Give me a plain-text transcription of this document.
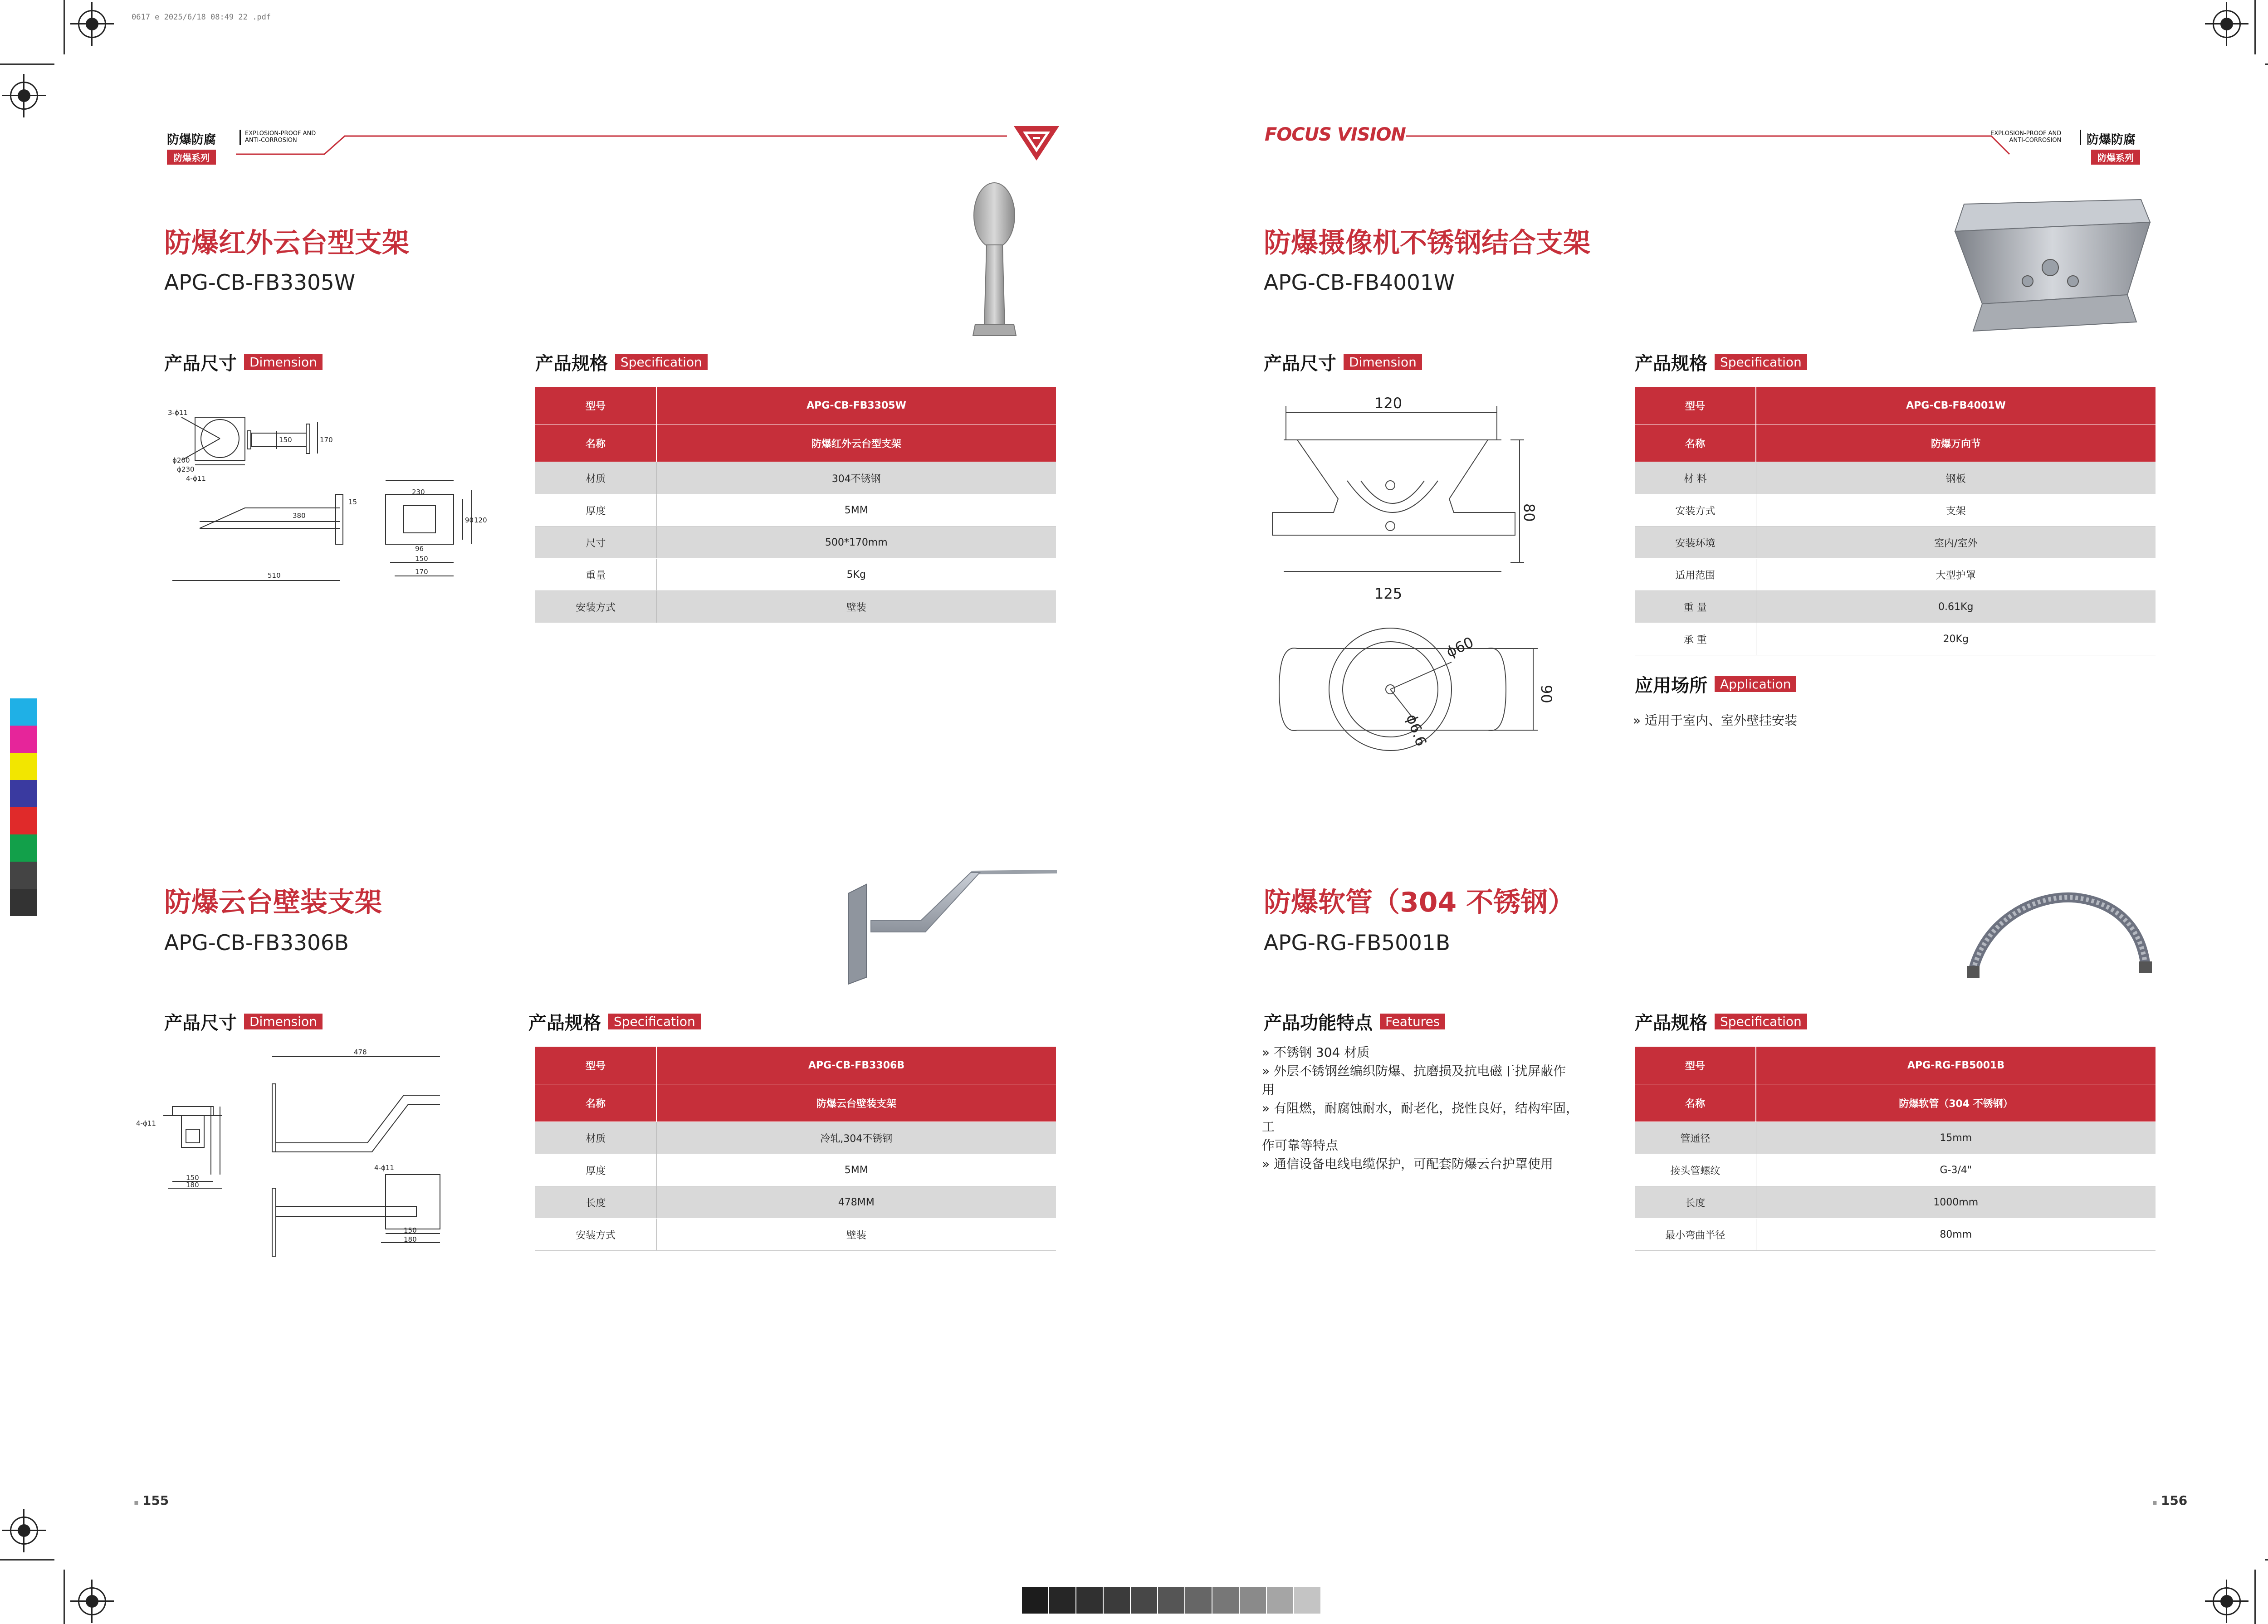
0617 e 2025/6/18 08:49 22 .pdf
防爆防腐	EXPLOSION-PROOF AND
ANTI-CORROSION
防爆系列
FOCUS VISION	EXPLOSION-PROOF AND
ANTI-CORROSION 防爆防腐
防爆系列
防爆红外云台型支架
APG-CB-FB3305W
产品尺寸	Dimension	产品规格	Specification
3-ϕ11
ϕ200
ϕ230
4-ϕ11
150	170
380
510
15
230
96
150
170
90 120
型号	APG-CB-FB3305W
名称	防爆红外云台型支架
材质	304不锈钢
厚度	5MM
尺寸	500*170mm
重量	5Kg
安装方式	壁装
防爆云台壁装支架
APG-CB-FB3306B
产品尺寸	Dimension	产品规格	Specification
478
4-ϕ11
150
180
4-ϕ11
150
180
型号	APG-CB-FB3306B
名称	防爆云台壁装支架
材质	冷轧,304不锈钢
厚度	5MM
长度	478MM
安装方式	壁装
▪ 155
防爆摄像机不锈钢结合支架
APG-CB-FB4001W
产品尺寸	Dimension	产品规格	Specification
120
80
125
ϕ60
ϕ6.6
90
型号	APG-CB-FB4001W
名称	防爆万向节
材 料	钢板
安装方式	支架
安装环境	室内/室外
适用范围	大型护罩
重 量	0.61Kg
承 重	20Kg
应用场所	Application
» 适用于室内、室外壁挂安装
防爆软管（304 不锈钢）
APG-RG-FB5001B
产品功能特点	Features
» 不锈钢 304 材质
» 外层不锈钢丝编织防爆、抗磨损及抗电磁干扰屏蔽作
用
» 有阻燃，耐腐蚀耐水，耐老化，挠性良好，结构牢固，工
作可靠等特点
» 通信设备电线电缆保护，可配套防爆云台护罩使用
产品规格	Specification
型号	APG-RG-FB5001B
名称	防爆软管（304 不锈钢）
管通径	15mm
接头管螺纹	G-3/4"
长度	1000mm
最小弯曲半径	80mm
▪ 156
